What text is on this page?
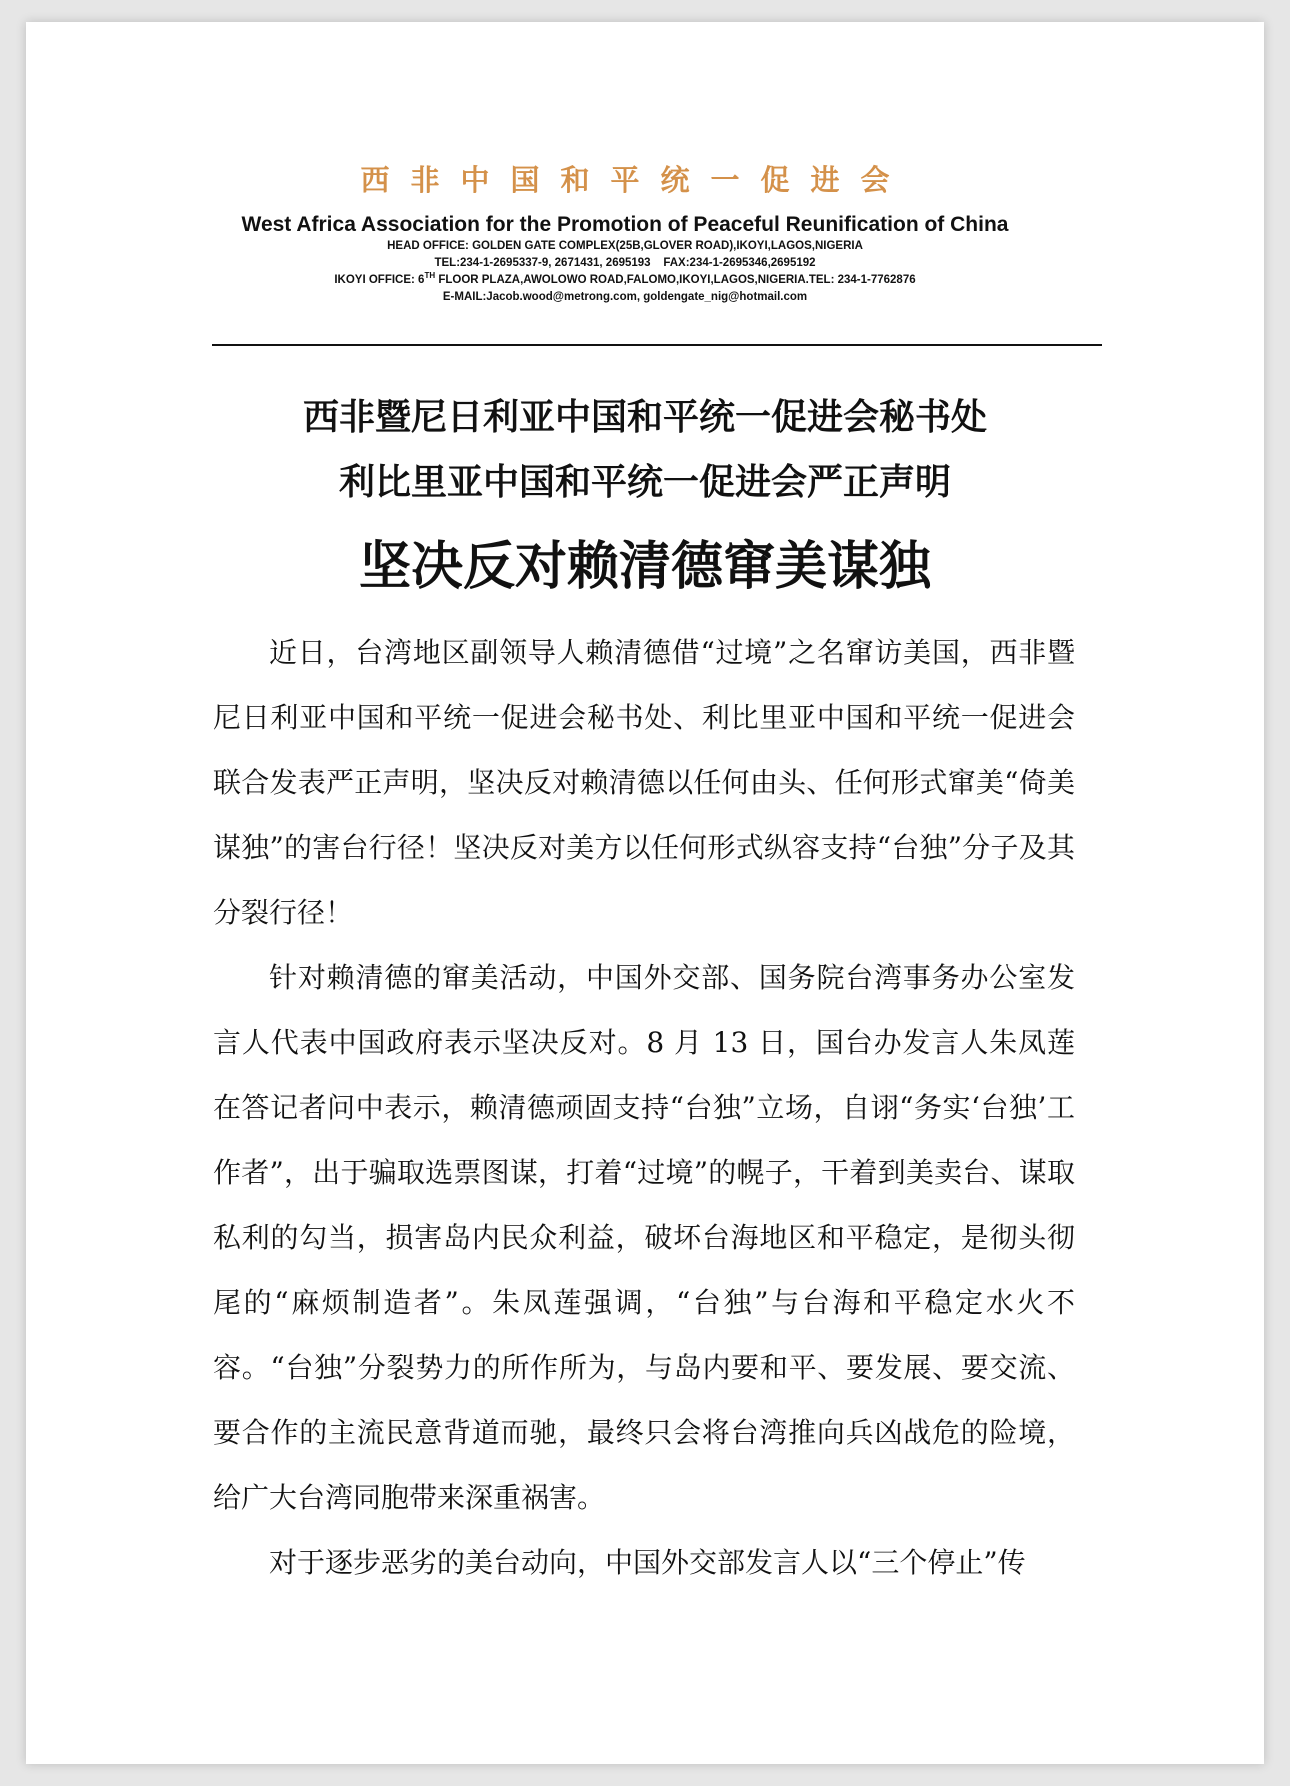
西非中国和平统一促进会
West Africa Association for the Promotion of Peaceful Reunification of China
HEAD OFFICE: GOLDEN GATE COMPLEX(25B,GLOVER ROAD),IKOYI,LAGOS,NIGERIA
TEL:234-1-2695337-9, 2671431, 2695193    FAX:234-1-2695346,2695192
IKOYI OFFICE: 6TH FLOOR PLAZA,AWOLOWO ROAD,FALOMO,IKOYI,LAGOS,NIGERIA.TEL: 234-1-7762876
E-MAIL:Jacob.wood@metrong.com, goldengate_nig@hotmail.com
西非暨尼日利亚中国和平统一促进会秘书处
利比里亚中国和平统一促进会严正声明
坚决反对赖清德窜美谋独

近日，台湾地区副领导人赖清德借“过境”之名窜访美国，西非暨尼日利亚中国和平统一促进会秘书处、利比里亚中国和平统一促进会联合发表严正声明，坚决反对赖清德以任何由头、任何形式窜美“倚美谋独”的害台行径！坚决反对美方以任何形式纵容支持“台独”分子及其分裂行径！

针对赖清德的窜美活动，中国外交部、国务院台湾事务办公室发言人代表中国政府表示坚决反对。8 月 13 日，国台办发言人朱凤莲在答记者问中表示，赖清德顽固支持“台独”立场，自诩“务实‘台独’工作者”，出于骗取选票图谋，打着“过境”的幌子，干着到美卖台、谋取私利的勾当，损害岛内民众利益，破坏台海地区和平稳定，是彻头彻尾的“麻烦制造者”。朱凤莲强调，“台独”与台海和平稳定水火不容。“台独”分裂势力的所作所为，与岛内要和平、要发展、要交流、要合作的主流民意背道而驰，最终只会将台湾推向兵凶战危的险境，给广大台湾同胞带来深重祸害。

对于逐步恶劣的美台动向，中国外交部发言人以“三个停止”传
